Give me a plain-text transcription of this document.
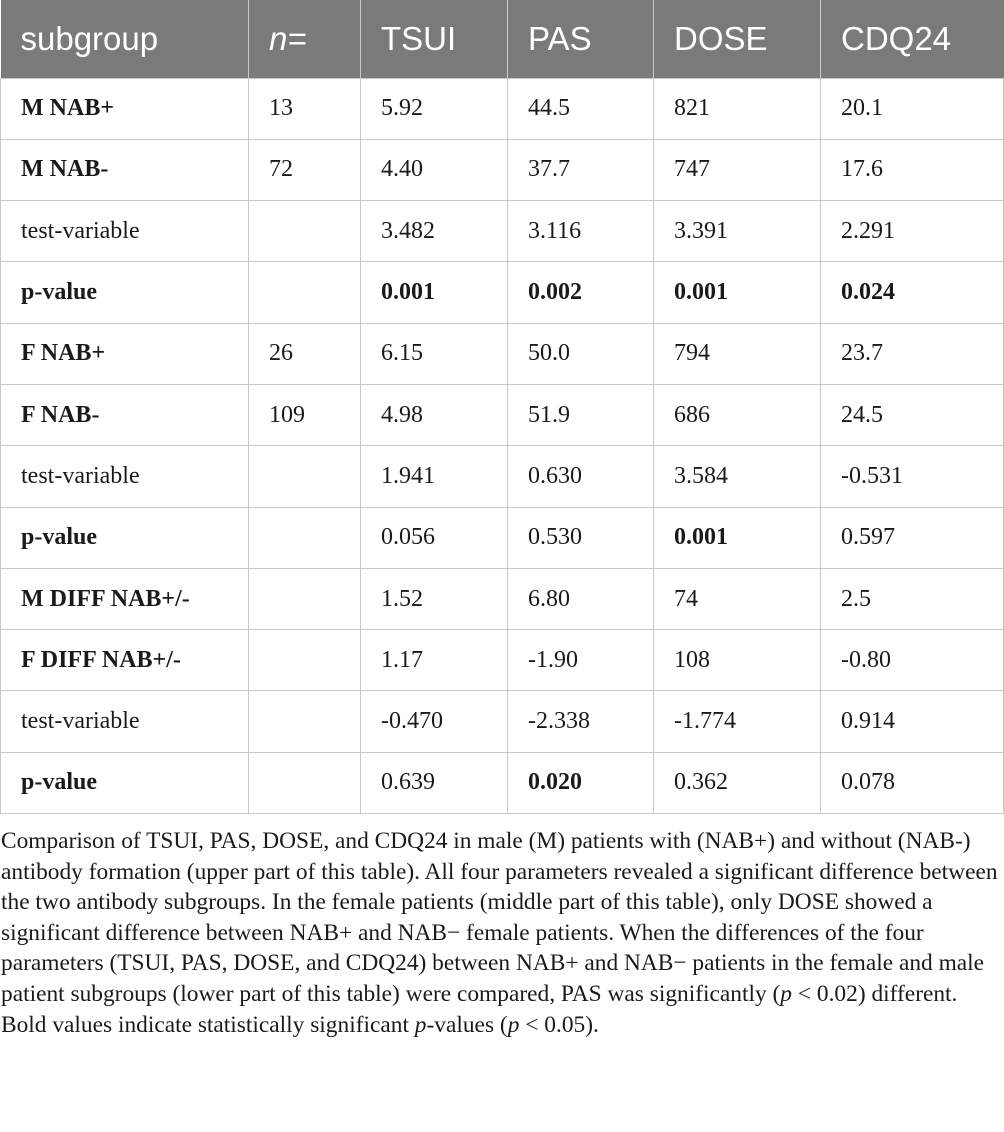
subgroup	n=	TSUI	PAS	DOSE	CDQ24
M NAB+	13	5.92	44.5	821	20.1
M NAB-	72	4.40	37.7	747	17.6
test-variable		3.482	3.116	3.391	2.291
p-value		0.001	0.002	0.001	0.024
F NAB+	26	6.15	50.0	794	23.7
F NAB-	109	4.98	51.9	686	24.5
test-variable		1.941	0.630	3.584	-0.531
p-value		0.056	0.530	0.001	0.597
M DIFF NAB+/-		1.52	6.80	74	2.5
F DIFF NAB+/-		1.17	-1.90	108	-0.80
test-variable		-0.470	-2.338	-1.774	0.914
p-value		0.639	0.020	0.362	0.078

Comparison of TSUI, PAS, DOSE, and CDQ24 in male (M) patients with (NAB+) and without (NAB-) antibody formation (upper part of this table). All four parameters revealed a significant difference between the two antibody subgroups. In the female patients (middle part of this table), only DOSE showed a significant difference between NAB+ and NAB− female patients. When the differences of the four parameters (TSUI, PAS, DOSE, and CDQ24) between NAB+ and NAB− patients in the female and male patient subgroups (lower part of this table) were compared, PAS was significantly (p < 0.02) different. Bold values indicate statistically significant p-values (p < 0.05).
